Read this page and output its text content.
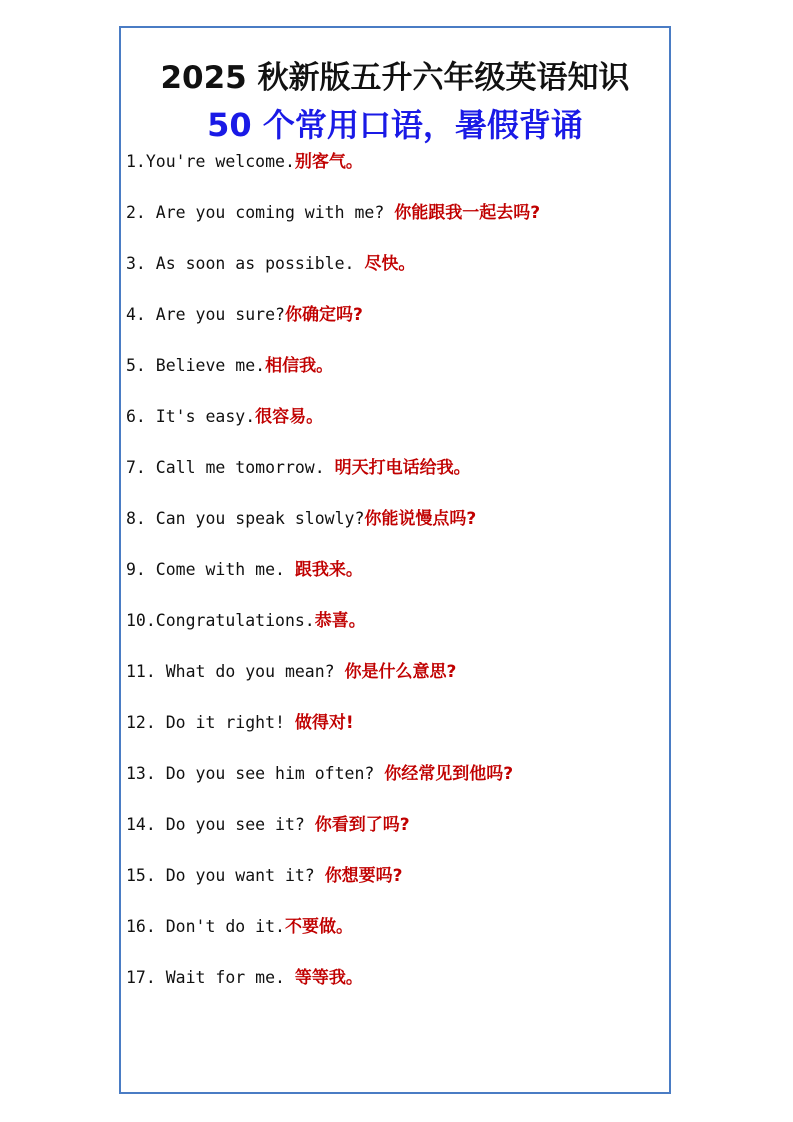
2025 秋新版五升六年级英语知识
50 个常用口语，暑假背诵
1.You're welcome.别客气。
2. Are you coming with me? 你能跟我一起去吗?
3. As soon as possible. 尽快。
4. Are you sure?你确定吗?
5. Believe me.相信我。
6. It's easy.很容易。
7. Call me tomorrow. 明天打电话给我。
8. Can you speak slowly?你能说慢点吗?
9. Come with me. 跟我来。
10.Congratulations.恭喜。
11. What do you mean? 你是什么意思?
12. Do it right! 做得对!
13. Do you see him often? 你经常见到他吗?
14. Do you see it? 你看到了吗?
15. Do you want it? 你想要吗?
16. Don't do it.不要做。
17. Wait for me. 等等我。
